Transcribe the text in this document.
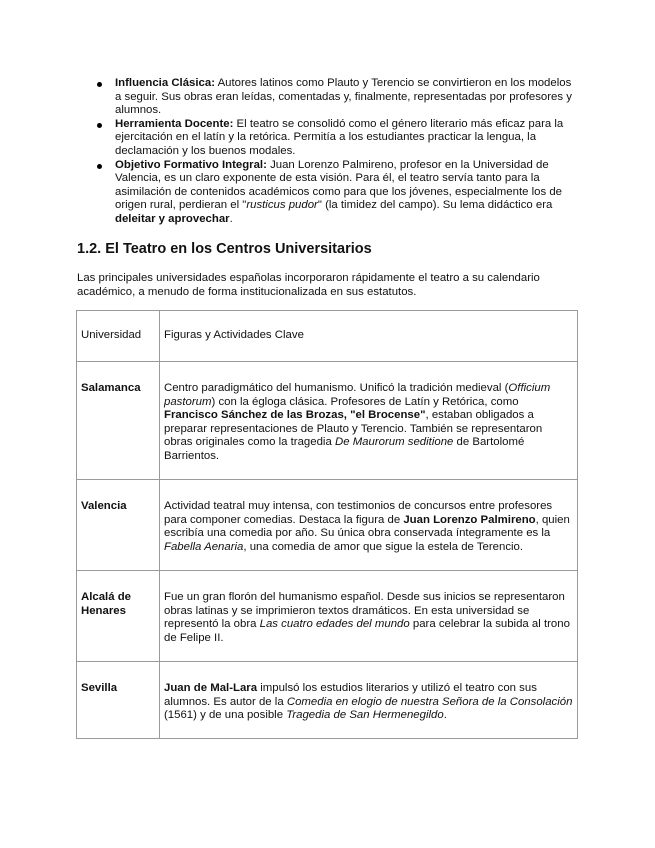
Influencia Clásica: Autores latinos como Plauto y Terencio se convirtieron en los modelos a seguir. Sus obras eran leídas, comentadas y, finalmente, representadas por profesores y alumnos.
Herramienta Docente: El teatro se consolidó como el género literario más eficaz para la ejercitación en el latín y la retórica. Permitía a los estudiantes practicar la lengua, la declamación y los buenos modales.
Objetivo Formativo Integral: Juan Lorenzo Palmireno, profesor en la Universidad de Valencia, es un claro exponente de esta visión. Para él, el teatro servía tanto para la asimilación de contenidos académicos como para que los jóvenes, especialmente los de origen rural, perdieran el "rusticus pudor" (la timidez del campo). Su lema didáctico era deleitar y aprovechar.
1.2. El Teatro en los Centros Universitarios

Las principales universidades españolas incorporaron rápidamente el teatro a su calendario académico, a menudo de forma institucionalizada en sus estatutos.

Universidad	Figuras y Actividades Clave
Salamanca	Centro paradigmático del humanismo. Unificó la tradición medieval (Officium pastorum) con la égloga clásica. Profesores de Latín y Retórica, como Francisco Sánchez de las Brozas, "el Brocense", estaban obligados a preparar representaciones de Plauto y Terencio. También se representaron obras originales como la tragedia De Maurorum seditione de Bartolomé Barrientos.
Valencia	Actividad teatral muy intensa, con testimonios de concursos entre profesores para componer comedias. Destaca la figura de Juan Lorenzo Palmireno, quien escribía una comedia por año. Su única obra conservada íntegramente es la Fabella Aenaria, una comedia de amor que sigue la estela de Terencio.
Alcalá de Henares	Fue un gran florón del humanismo español. Desde sus inicios se representaron obras latinas y se imprimieron textos dramáticos. En esta universidad se representó la obra Las cuatro edades del mundo para celebrar la subida al trono de Felipe II.
Sevilla	Juan de Mal-Lara impulsó los estudios literarios y utilizó el teatro con sus alumnos. Es autor de la Comedia en elogio de nuestra Señora de la Consolación (1561) y de una posible Tragedia de San Hermenegildo.
